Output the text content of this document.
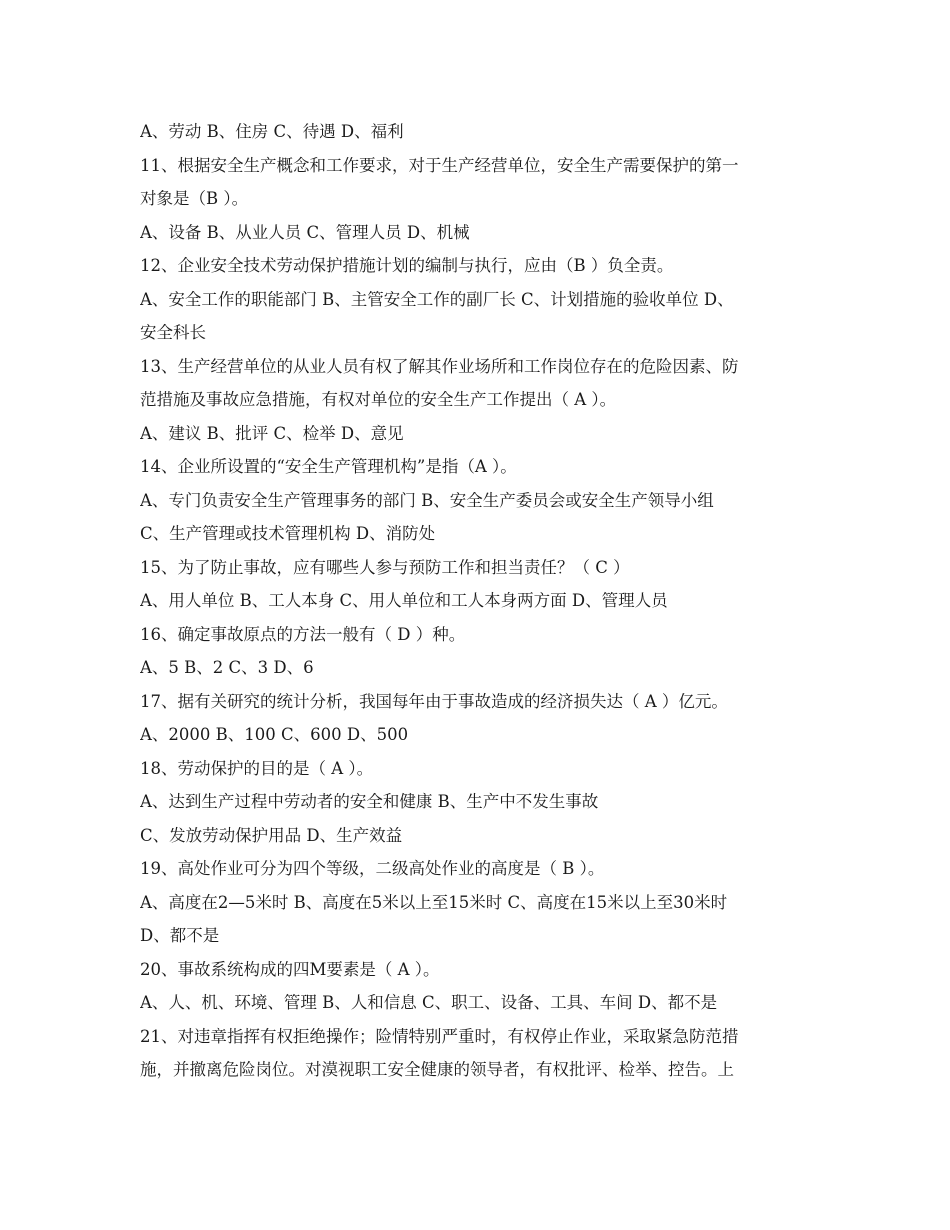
A、劳动 B、住房 C、待遇 D、福利
11、根据安全生产概念和工作要求，对于生产经营单位，安全生产需要保护的第一
对象是（B ）。
A、设备 B、从业人员 C、管理人员 D、机械
12、企业安全技术劳动保护措施计划的编制与执行，应由（B ）负全责。
A、安全工作的职能部门 B、主管安全工作的副厂长 C、计划措施的验收单位 D、
安全科长
13、生产经营单位的从业人员有权了解其作业场所和工作岗位存在的危险因素、防
范措施及事故应急措施，有权对单位的安全生产工作提出（ A ）。
A、建议 B、批评 C、检举 D、意见
14、企业所设置的“安全生产管理机构”是指（A ）。
A、专门负责安全生产管理事务的部门 B、安全生产委员会或安全生产领导小组
C、生产管理或技术管理机构 D、消防处
15、为了防止事故，应有哪些人参与预防工作和担当责任？（ C ）
A、用人单位 B、工人本身 C、用人单位和工人本身两方面 D、管理人员
16、确定事故原点的方法一般有（ D ）种。
A、5 B、2 C、3 D、6
17、据有关研究的统计分析，我国每年由于事故造成的经济损失达（ A ）亿元。
A、2000 B、100 C、600 D、500
18、劳动保护的目的是（ A ）。
A、达到生产过程中劳动者的安全和健康 B、生产中不发生事故
C、发放劳动保护用品 D、生产效益
19、高处作业可分为四个等级，二级高处作业的高度是（ B ）。
A、高度在2—5米时 B、高度在5米以上至15米时 C、高度在15米以上至30米时
D、都不是
20、事故系统构成的四M要素是（ A ）。
A、人、机、环境、管理 B、人和信息 C、职工、设备、工具、车间 D、都不是
21、对违章指挥有权拒绝操作；险情特别严重时，有权停止作业，采取紧急防范措
施，并撤离危险岗位。对漠视职工安全健康的领导者，有权批评、检举、控告。上
